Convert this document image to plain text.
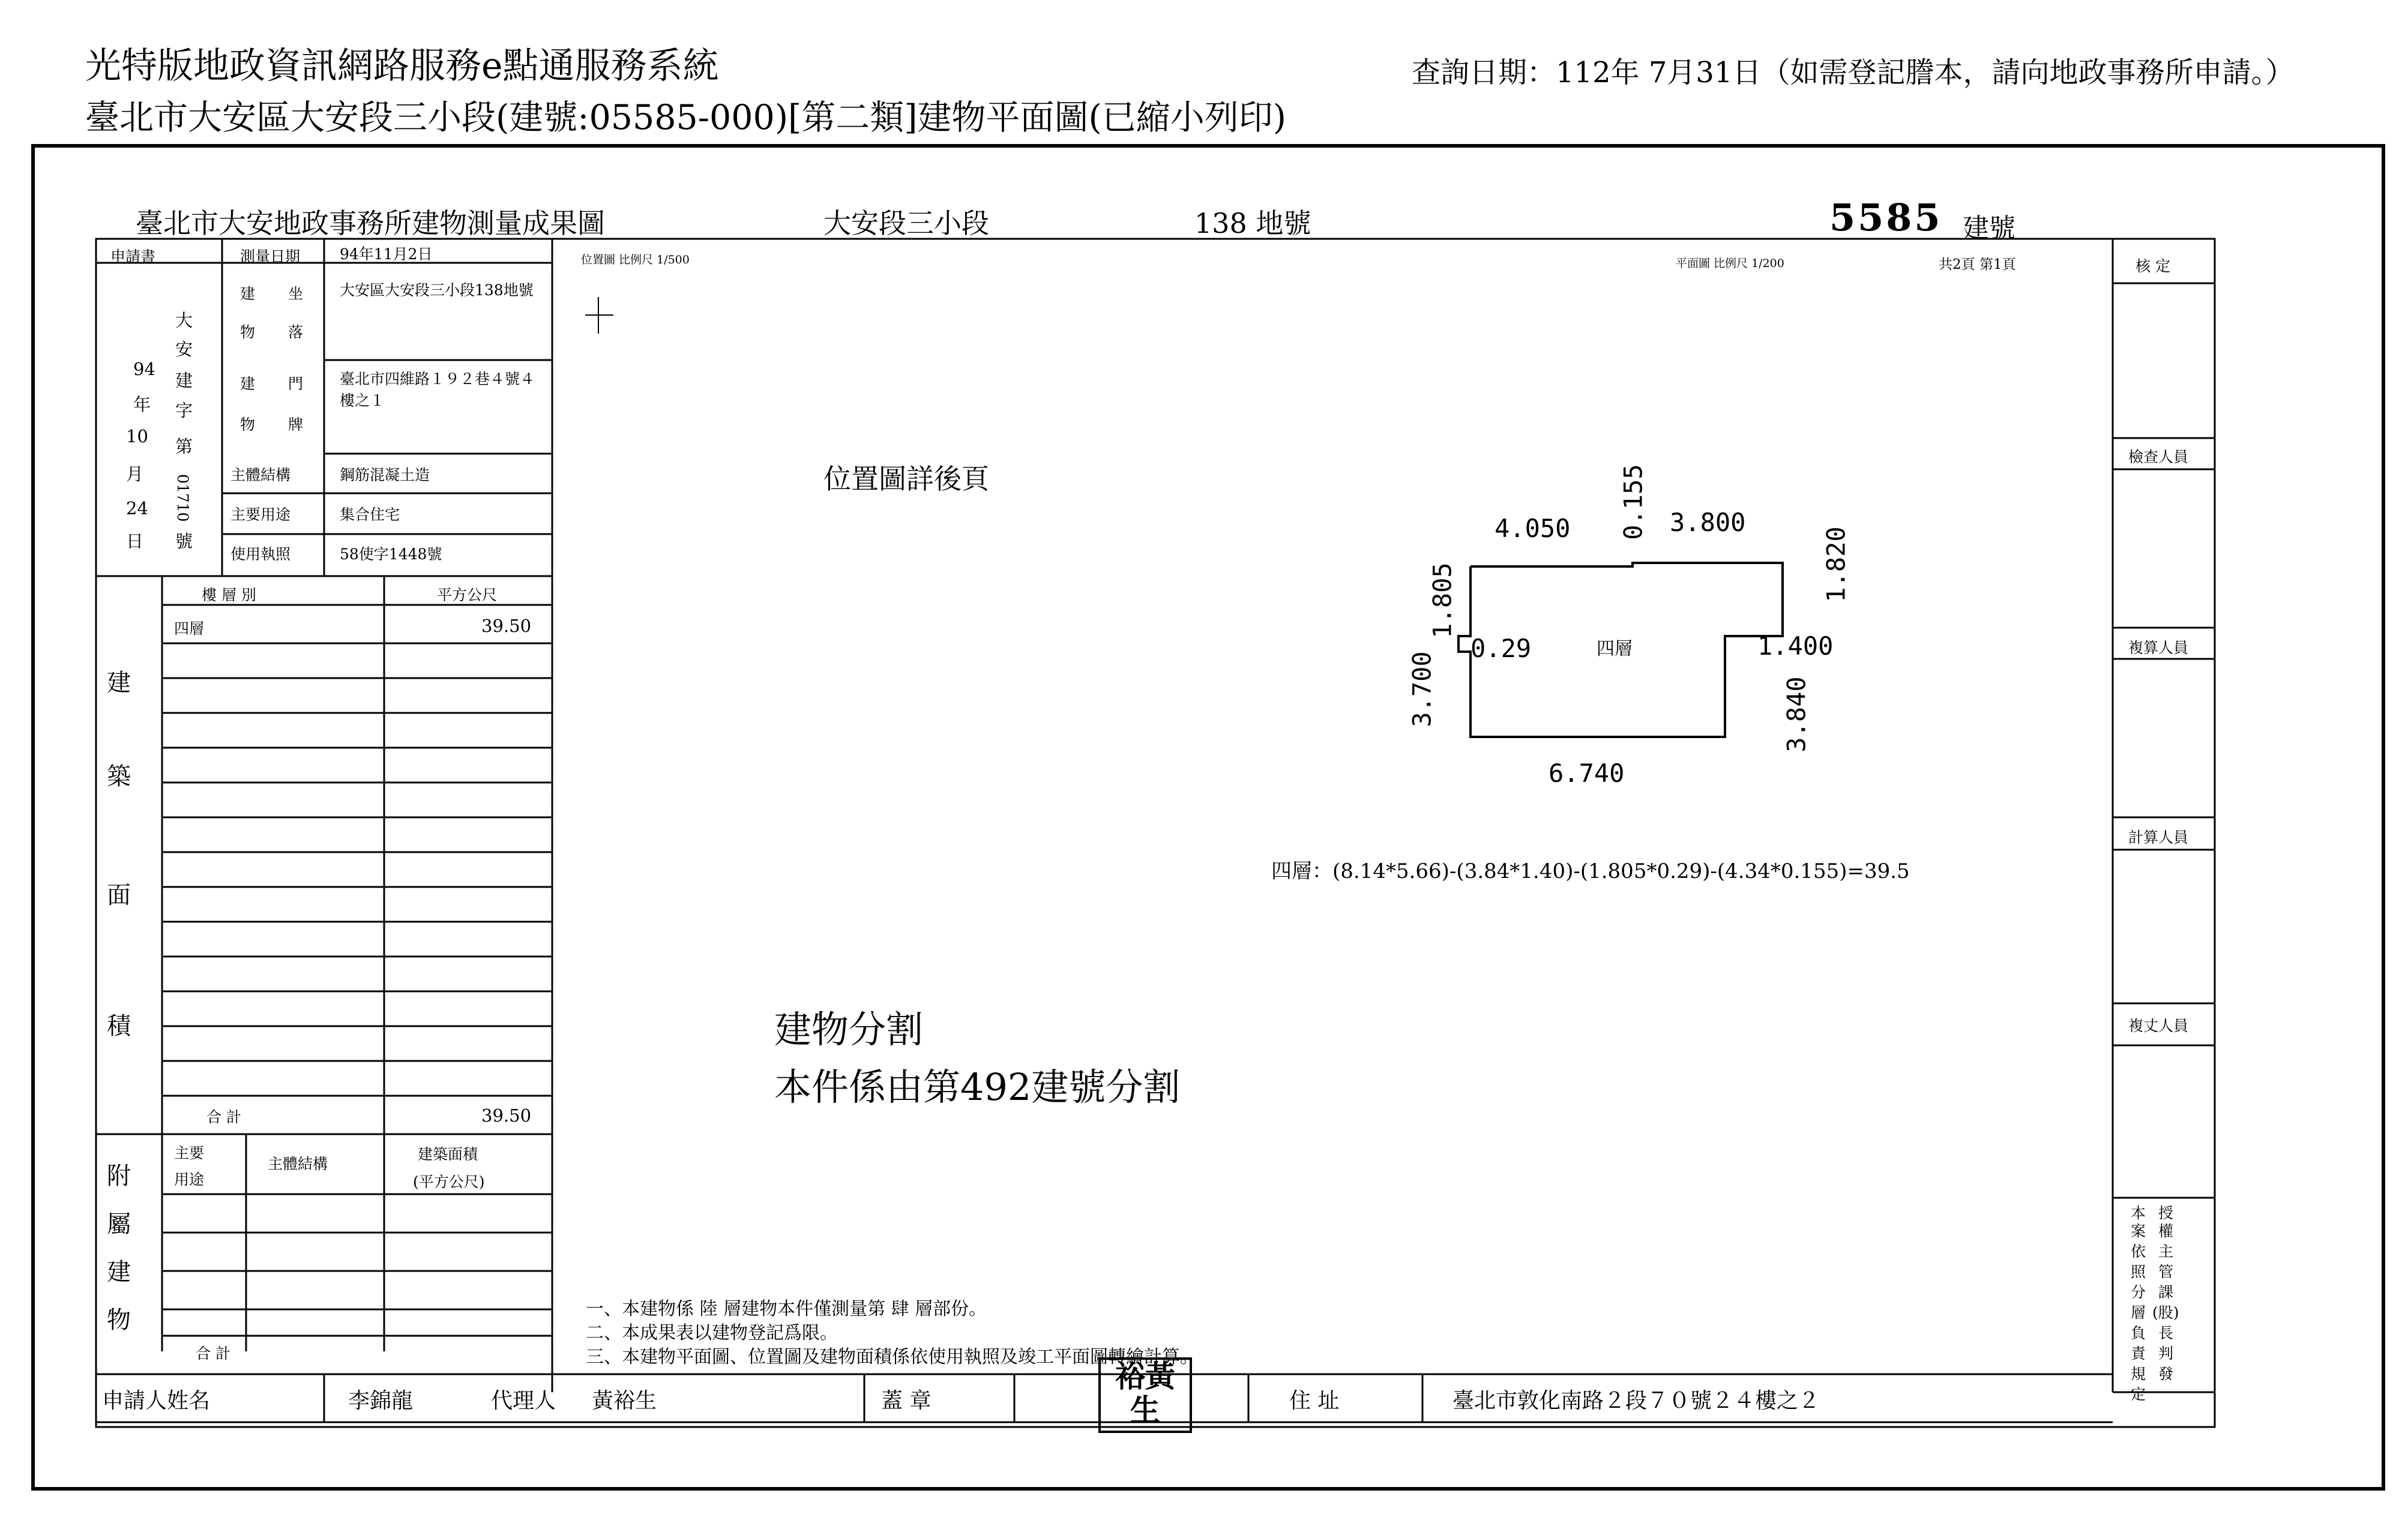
光特版地政資訊網路服務e點通服務系統
臺北市大安區大安段三小段(建號:05585-000)[第二類]建物平面圖(已縮小列印)
查詢日期：112年 7月31日（如需登記謄本，請向地政事務所申請。）
臺北市大安地政事務所建物測量成果圖	大安段三小段	138 地號	5585 建號
申請書	測量日期	94年11月2日
94
年
10
月
24
日
大
安
建
字
第
01710
號
建 坐
物 落
大安區大安段三小段138地號
建 門
物 牌
臺北市四維路１９２巷４號４樓之１
主體結構	鋼筋混凝土造
主要用途	集合住宅
使用執照	58使字1448號
樓 層 別	平方公尺
建
築
面
積
四層	39.50
合 計	39.50
附
屬
建
物
主要用途
主體結構
建築面積
(平方公尺)
合 計
位置圖 比例尺 1/500	平面圖 比例尺 1/200	共2頁 第1頁
位置圖詳後頁
4.050 0.155 3.800
1.820
1.805
0.29	四層	1.400
3.700	3.840
6.740
四層：(8.14*5.66)-(3.84*1.40)-(1.805*0.29)-(4.34*0.155)=39.5
建物分割
本件係由第492建號分割
一、本建物係 陸 層建物本件僅測量第 肆 層部份。
二、本成果表以建物登記爲限。
三、本建物平面圖、位置圖及建物面積係依使用執照及竣工平面圖轉繪計算。
核 定
檢查人員
複算人員
計算人員
複丈人員
本 授
案 權
依 主
照 管
分 課
層 (股)
負 長
責 判
規 發
定
申請人姓名	李錦龍	代理人 黃裕生	蓋 章
裕黃生	住 址	臺北市敦化南路２段７０號２４樓之２
